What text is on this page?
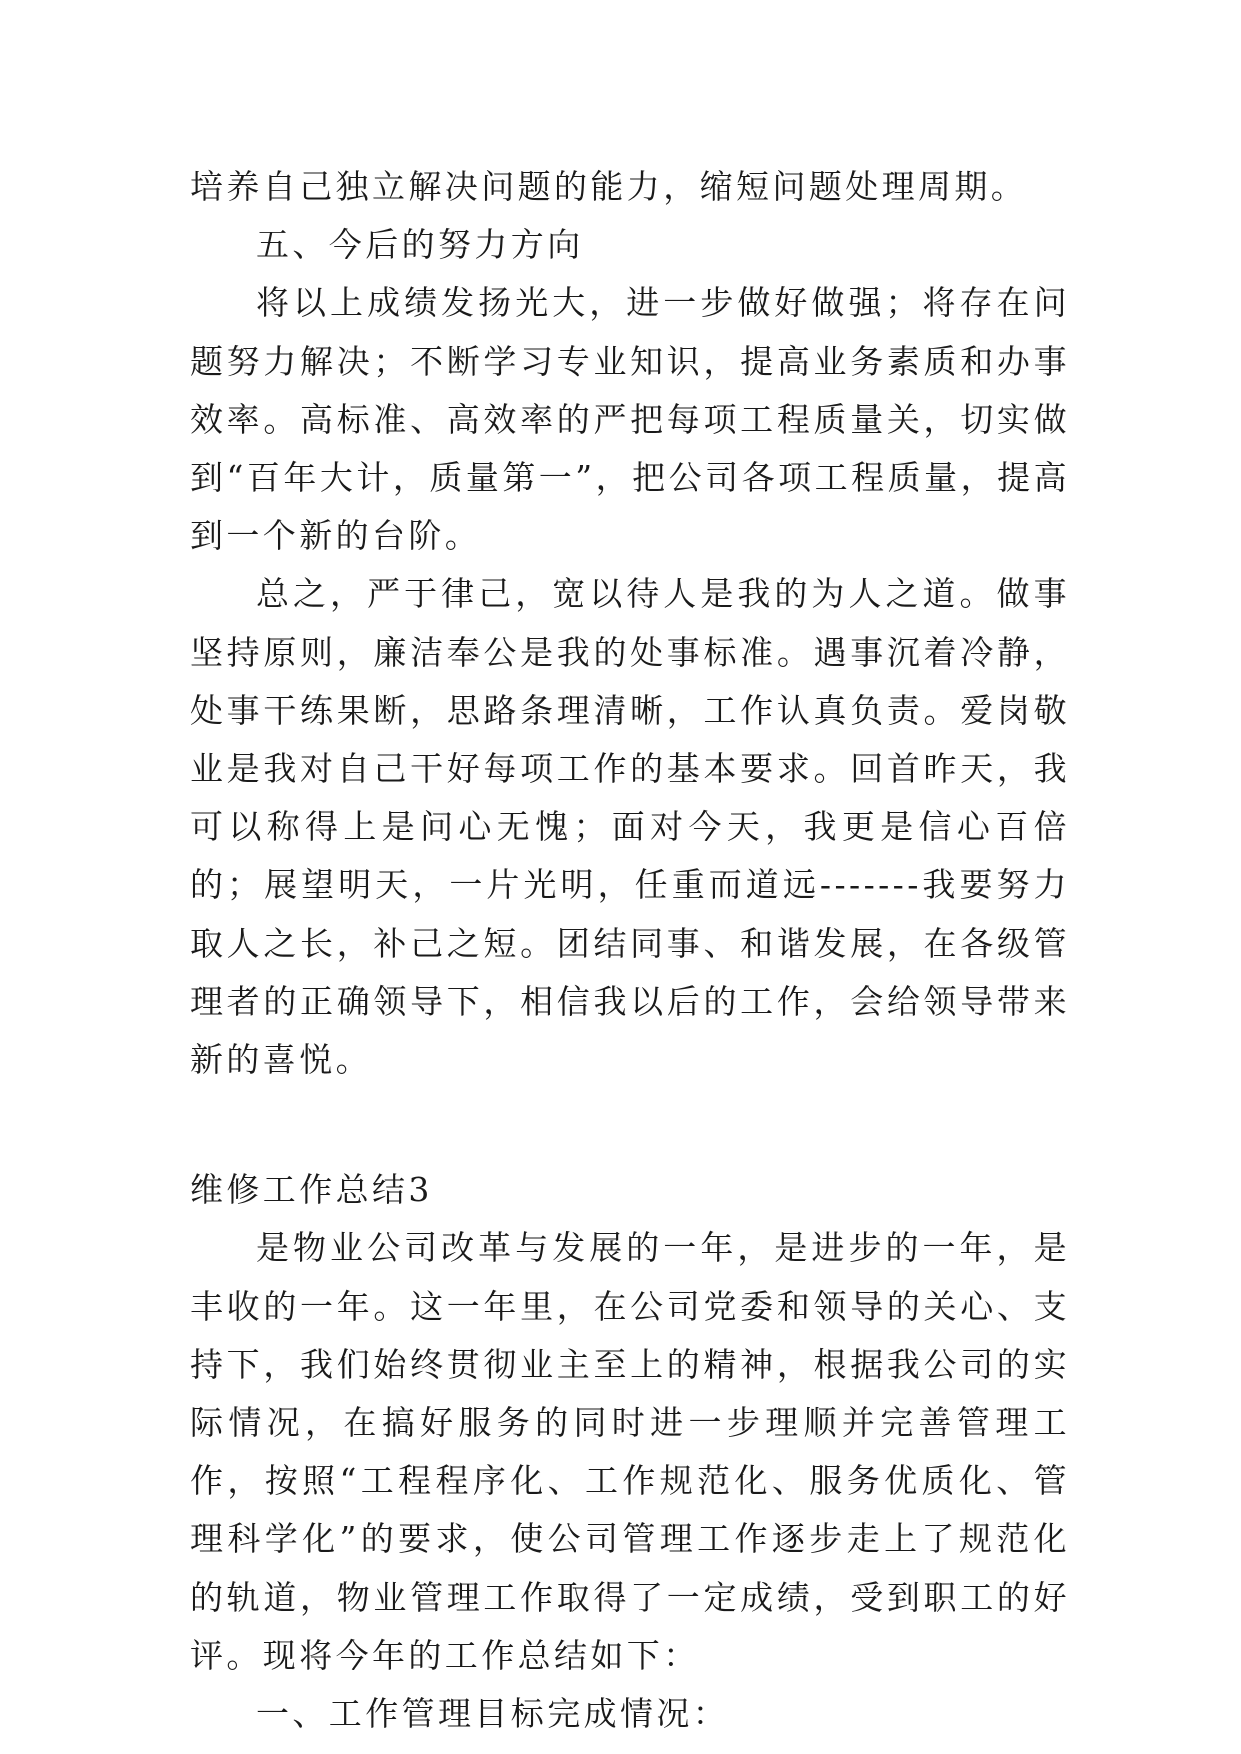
培养自己独立解决问题的能力，缩短问题处理周期。

五、今后的努力方向

将以上成绩发扬光大，进一步做好做强；将存在问题努力解决；不断学习专业知识，提高业务素质和办事效率。高标准、高效率的严把每项工程质量关，切实做到“百年大计，质量第一”，把公司各项工程质量，提高到一个新的台阶。

总之，严于律己，宽以待人是我的为人之道。做事坚持原则，廉洁奉公是我的处事标准。遇事沉着冷静，处事干练果断，思路条理清晰，工作认真负责。爱岗敬业是我对自己干好每项工作的基本要求。回首昨天，我可以称得上是问心无愧；面对今天，我更是信心百倍的；展望明天，一片光明，任重而道远-------我要努力取人之长，补己之短。团结同事、和谐发展，在各级管理者的正确领导下，相信我以后的工作，会给领导带来新的喜悦。

维修工作总结3

是物业公司改革与发展的一年，是进步的一年，是丰收的一年。这一年里，在公司党委和领导的关心、支持下，我们始终贯彻业主至上的精神，根据我公司的实际情况，在搞好服务的同时进一步理顺并完善管理工作，按照“工程程序化、工作规范化、服务优质化、管理科学化”的要求，使公司管理工作逐步走上了规范化的轨道，物业管理工作取得了一定成绩，受到职工的好评。现将今年的工作总结如下：

一、工作管理目标完成情况：
